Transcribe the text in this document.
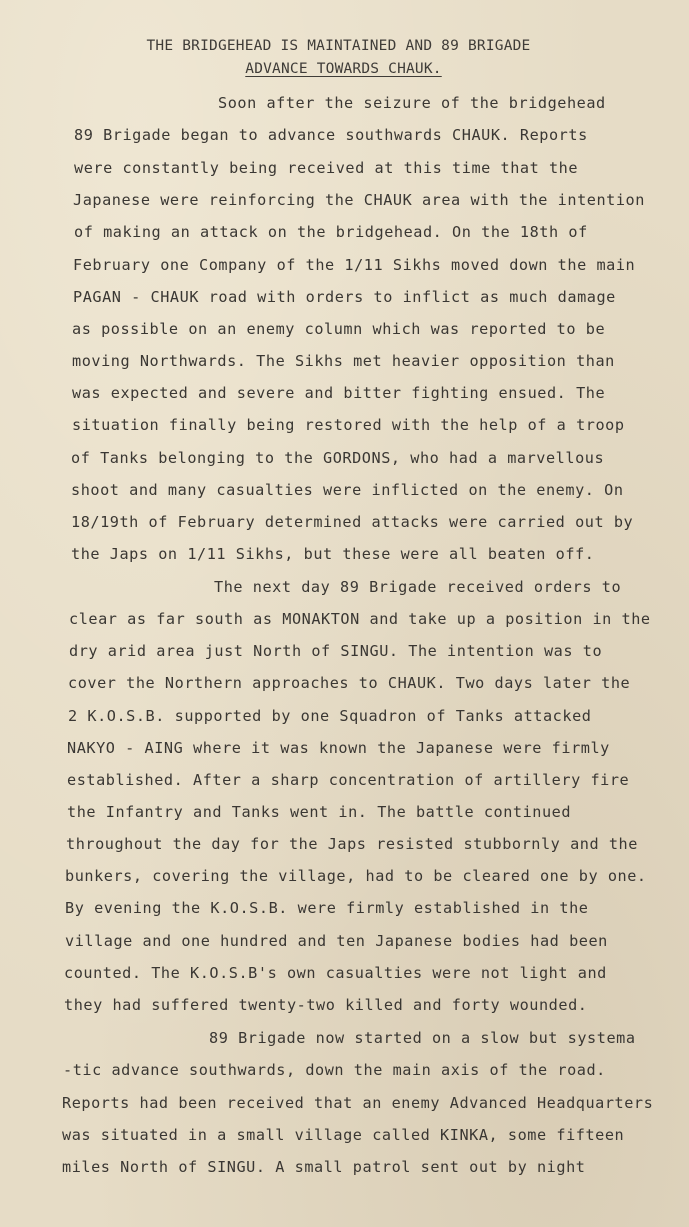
THE BRIDGEHEAD IS MAINTAINED AND 89 BRIGADE
ADVANCE TOWARDS CHAUK.
Soon after the seizure of the bridgehead
89 Brigade began to advance southwards CHAUK. Reports
were constantly being received at this time that the
Japanese were reinforcing the CHAUK area with the intention
of making an attack on the bridgehead. On the 18th of
February one Company of the 1/11 Sikhs moved down the main
PAGAN - CHAUK road with orders to inflict as much damage
as possible on an enemy column which was reported to be
moving Northwards. The Sikhs met heavier opposition than
was expected and severe and bitter fighting ensued. The
situation finally being restored with the help of a troop
of Tanks belonging to the GORDONS, who had a marvellous
shoot and many casualties were inflicted on the enemy. On
18/19th of February determined attacks were carried out by
the Japs on 1/11 Sikhs, but these were all beaten off.
The next day 89 Brigade received orders to
clear as far south as MONAKTON and take up a position in the
dry arid area just North of SINGU. The intention was to
cover the Northern approaches to CHAUK. Two days later the
2 K.O.S.B. supported by one Squadron of Tanks attacked
NAKYO - AING where it was known the Japanese were firmly
established. After a sharp concentration of artillery fire
the Infantry and Tanks went in. The battle continued
throughout the day for the Japs resisted stubbornly and the
bunkers, covering the village, had to be cleared one by one.
By evening the K.O.S.B. were firmly established in the
village and one hundred and ten Japanese bodies had been
counted. The K.O.S.B's own casualties were not light and
they had suffered twenty-two killed and forty wounded.
89 Brigade now started on a slow but systema
-tic advance southwards, down the main axis of the road.
Reports had been received that an enemy Advanced Headquarters
was situated in a small village called KINKA, some fifteen
miles North of SINGU. A small patrol sent out by night
